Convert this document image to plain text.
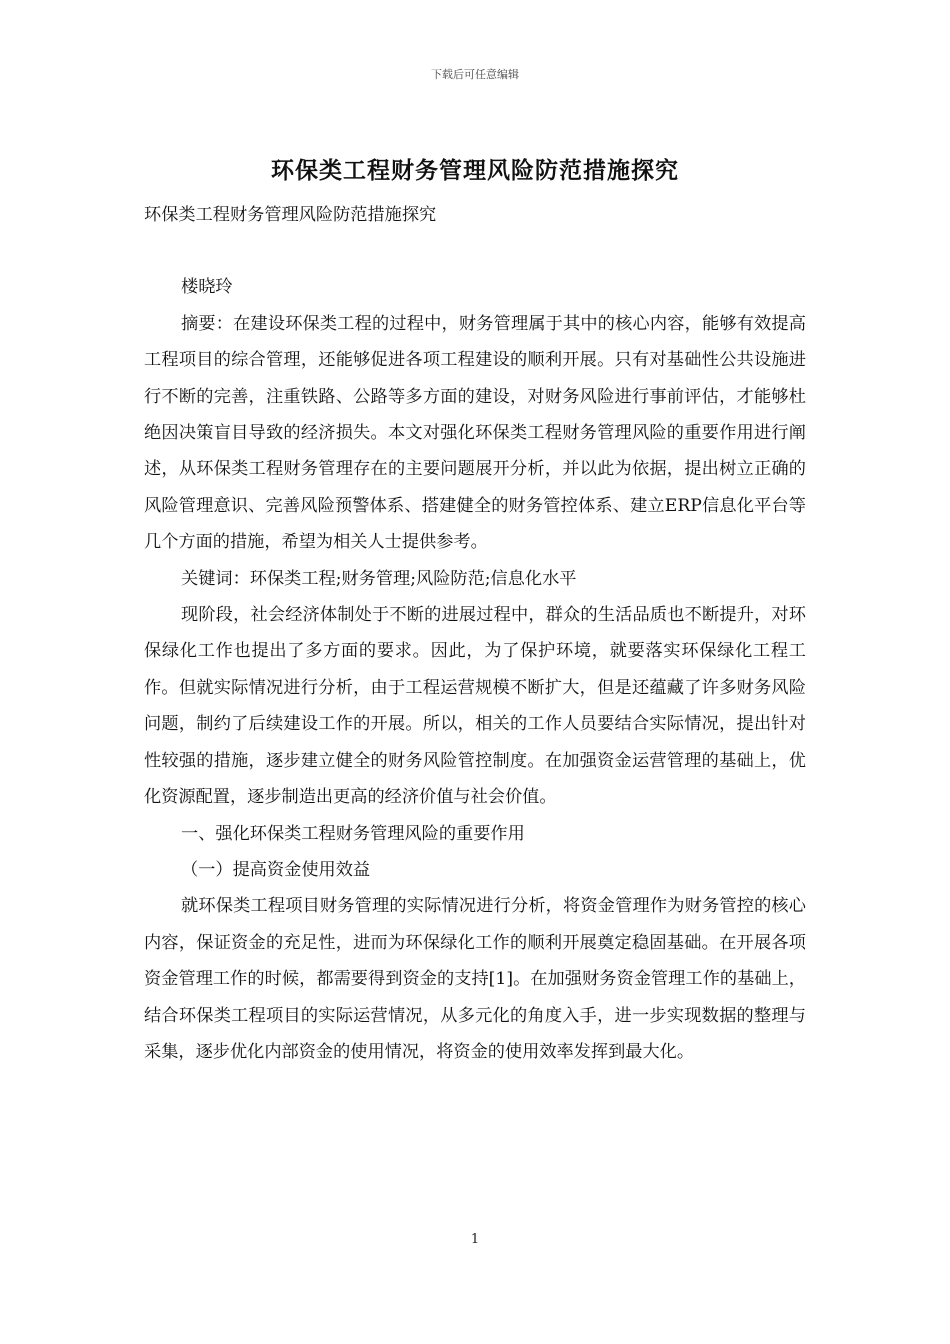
下载后可任意编辑
环保类工程财务管理风险防范措施探究

环保类工程财务管理风险防范措施探究

楼晓玲

摘要：在建设环保类工程的过程中，财务管理属于其中的核心内容，能够有效提高工程项目的综合管理，还能够促进各项工程建设的顺利开展。只有对基础性公共设施进行不断的完善，注重铁路、公路等多方面的建设，对财务风险进行事前评估，才能够杜绝因决策盲目导致的经济损失。本文对强化环保类工程财务管理风险的重要作用进行阐述，从环保类工程财务管理存在的主要问题展开分析，并以此为依据，提出树立正确的风险管理意识、完善风险预警体系、搭建健全的财务管控体系、建立ERP信息化平台等几个方面的措施，希望为相关人士提供参考。

关键词：环保类工程;财务管理;风险防范;信息化水平

现阶段，社会经济体制处于不断的进展过程中，群众的生活品质也不断提升，对环保绿化工作也提出了多方面的要求。因此，为了保护环境，就要落实环保绿化工程工作。但就实际情况进行分析，由于工程运营规模不断扩大，但是还蕴藏了许多财务风险问题，制约了后续建设工作的开展。所以，相关的工作人员要结合实际情况，提出针对性较强的措施，逐步建立健全的财务风险管控制度。在加强资金运营管理的基础上，优化资源配置，逐步制造出更高的经济价值与社会价值。

一、强化环保类工程财务管理风险的重要作用

（一）提高资金使用效益

就环保类工程项目财务管理的实际情况进行分析，将资金管理作为财务管控的核心内容，保证资金的充足性，进而为环保绿化工作的顺利开展奠定稳固基础。在开展各项资金管理工作的时候，都需要得到资金的支持[1]。在加强财务资金管理工作的基础上，结合环保类工程项目的实际运营情况，从多元化的角度入手，进一步实现数据的整理与采集，逐步优化内部资金的使用情况，将资金的使用效率发挥到最大化。

1
